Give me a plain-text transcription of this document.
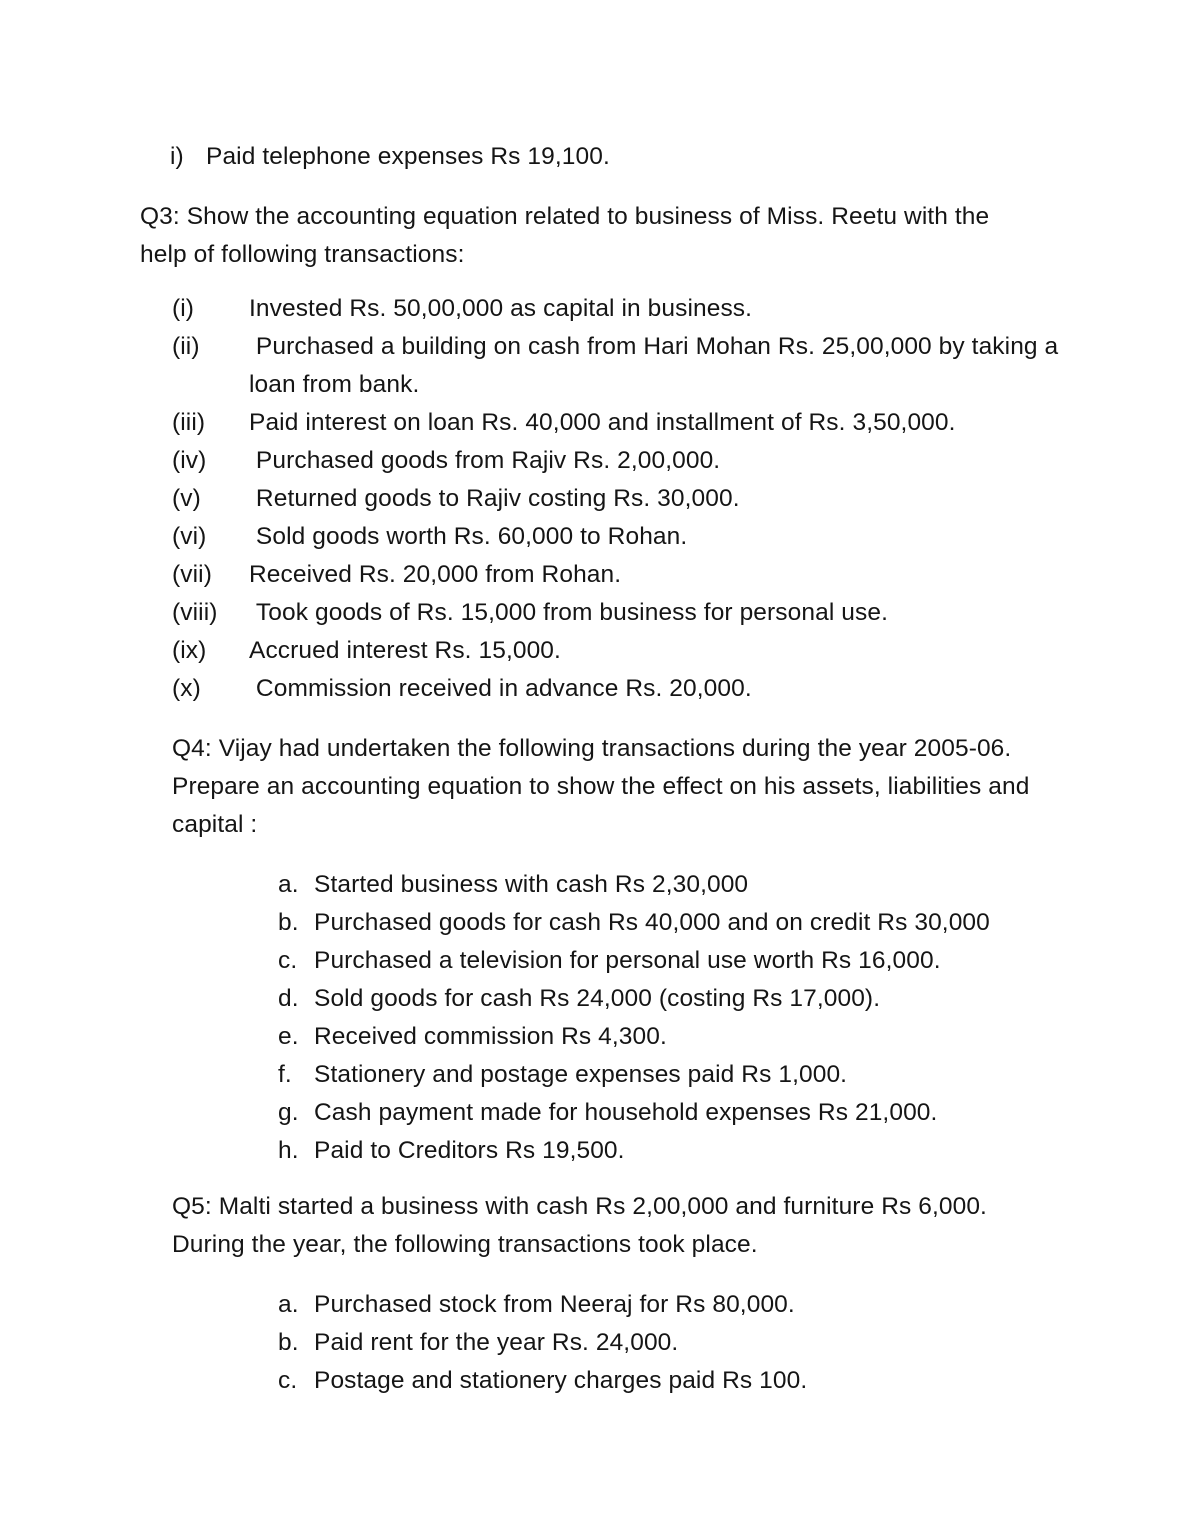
i) Paid telephone expenses Rs 19,100.
Q3: Show the accounting equation related to business of Miss. Reetu with the
help of following transactions:
(i)	Invested Rs. 50,00,000 as capital in business.
(ii)	Purchased a building on cash from Hari Mohan Rs. 25,00,000 by taking a
loan from bank.
(iii)	Paid interest on loan Rs. 40,000 and installment of Rs. 3,50,000.
(iv)	Purchased goods from Rajiv Rs. 2,00,000.
(v)	Returned goods to Rajiv costing Rs. 30,000.
(vi)	Sold goods worth Rs. 60,000 to Rohan.
(vii)	Received Rs. 20,000 from Rohan.
(viii)	Took goods of Rs. 15,000 from business for personal use.
(ix)	Accrued interest Rs. 15,000.
(x)	Commission received in advance Rs. 20,000.
Q4: Vijay had undertaken the following transactions during the year 2005-06.
Prepare an accounting equation to show the effect on his assets, liabilities and
capital :
a. Started business with cash Rs 2,30,000
b. Purchased goods for cash Rs 40,000 and on credit Rs 30,000
c. Purchased a television for personal use worth Rs 16,000.
d. Sold goods for cash Rs 24,000 (costing Rs 17,000).
e. Received commission Rs 4,300.
f. Stationery and postage expenses paid Rs 1,000.
g. Cash payment made for household expenses Rs 21,000.
h. Paid to Creditors Rs 19,500.
Q5: Malti started a business with cash Rs 2,00,000 and furniture Rs 6,000.
During the year, the following transactions took place.
a. Purchased stock from Neeraj for Rs 80,000.
b. Paid rent for the year Rs. 24,000.
c. Postage and stationery charges paid Rs 100.
